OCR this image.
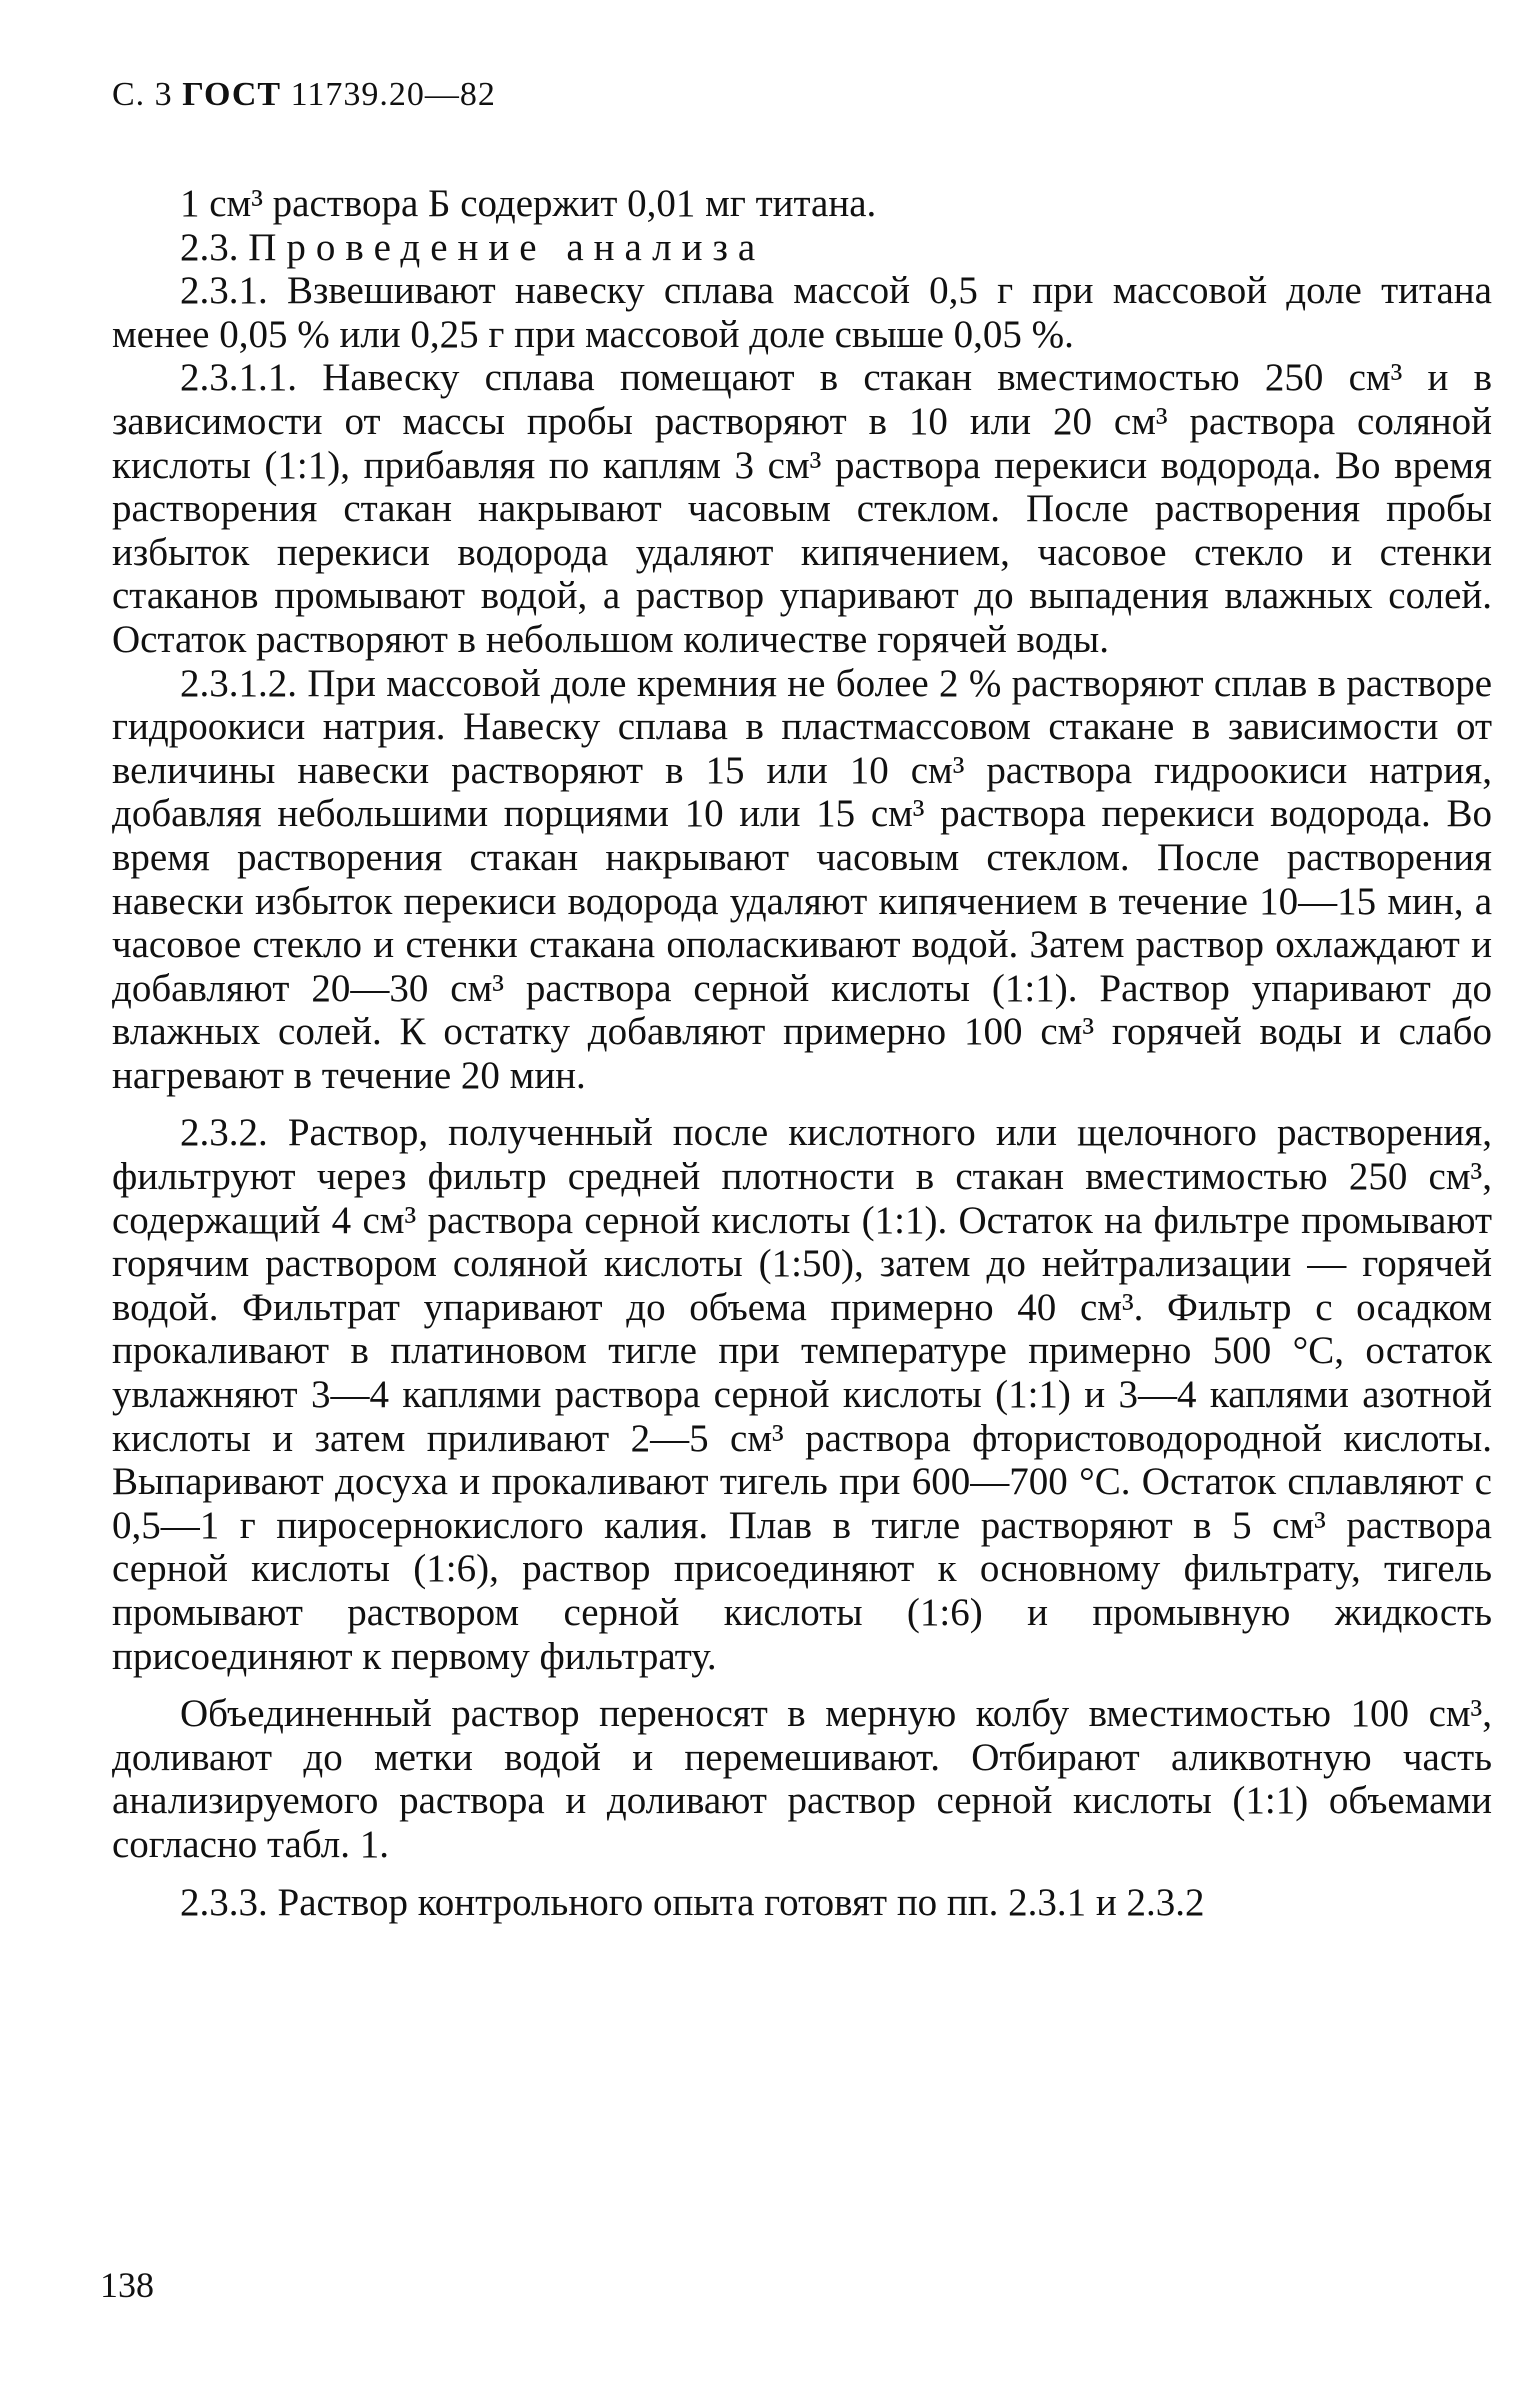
С. 3 ГОСТ 11739.20—82

1 см³ раствора Б содержит 0,01 мг титана.

2.3. Проведение анализа

2.3.1. Взвешивают навеску сплава массой 0,5 г при массовой доле титана менее 0,05 % или 0,25 г при массовой доле свыше 0,05 %.

2.3.1.1. Навеску сплава помещают в стакан вместимостью 250 см³ и в зависимости от массы пробы растворяют в 10 или 20 см³ раствора соляной кислоты (1:1), прибавляя по каплям 3 см³ раствора перекиси водорода. Во время растворения стакан накрывают часовым стеклом. После растворения пробы избыток перекиси водорода удаляют кипячением, часовое стекло и стенки стаканов промывают водой, а раствор упаривают до выпадения влажных солей. Остаток растворяют в небольшом количестве горячей воды.

2.3.1.2. При массовой доле кремния не более 2 % растворяют сплав в растворе гидроокиси натрия. Навеску сплава в пластмассовом стакане в зависимости от величины навески растворяют в 15 или 10 см³ раствора гидроокиси натрия, добавляя небольшими порциями 10 или 15 см³ раствора перекиси водорода. Во время растворения стакан накрывают часовым стеклом. После растворения навески избыток перекиси водорода удаляют кипячением в течение 10—15 мин, а часовое стекло и стенки стакана ополаскивают водой. Затем раствор охлаждают и добавляют 20—30 см³ раствора серной кислоты (1:1). Раствор упаривают до влажных солей. К остатку добавляют примерно 100 см³ горячей воды и слабо нагревают в течение 20 мин.

2.3.2. Раствор, полученный после кислотного или щелочного растворения, фильтруют через фильтр средней плотности в стакан вместимостью 250 см³, содержащий 4 см³ раствора серной кислоты (1:1). Остаток на фильтре промывают горячим раствором соляной кислоты (1:50), затем до нейтрализации — горячей водой. Фильтрат упаривают до объема примерно 40 см³. Фильтр с осадком прокаливают в платиновом тигле при температуре примерно 500 °C, остаток увлажняют 3—4 каплями раствора серной кислоты (1:1) и 3—4 каплями азотной кислоты и затем приливают 2—5 см³ раствора фтористоводородной кислоты. Выпаривают досуха и прокаливают тигель при 600—700 °C. Остаток сплавляют с 0,5—1 г пиросернокислого калия. Плав в тигле растворяют в 5 см³ раствора серной кислоты (1:6), раствор присоединяют к основному фильтрату, тигель промывают раствором серной кислоты (1:6) и промывную жидкость присоединяют к первому фильтрату.

Объединенный раствор переносят в мерную колбу вместимостью 100 см³, доливают до метки водой и перемешивают. Отбирают аликвотную часть анализируемого раствора и доливают раствор серной кислоты (1:1) объемами согласно табл. 1.

2.3.3. Раствор контрольного опыта готовят по пп. 2.3.1 и 2.3.2

138
